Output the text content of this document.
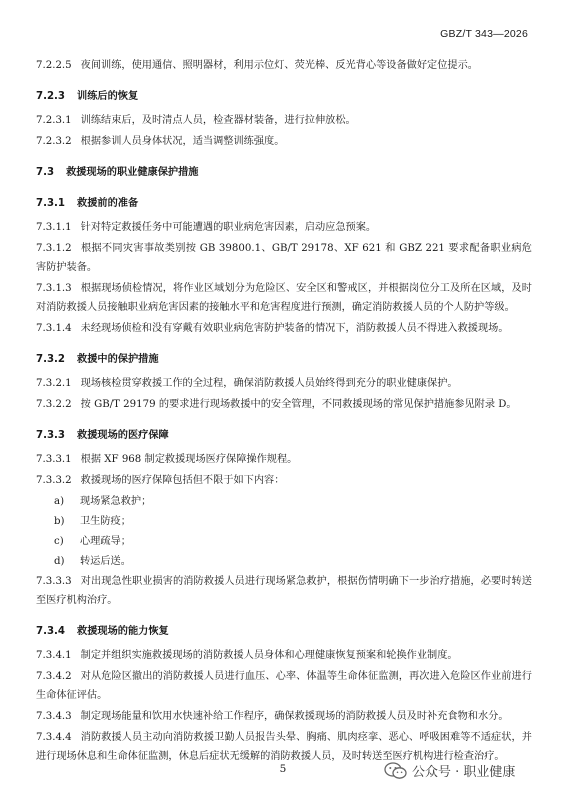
GBZ/T 343—2026
7.2.2.5 夜间训练，使用通信、照明器材，利用示位灯、荧光棒、反光背心等设备做好定位提示。
7.2.3 训练后的恢复
7.2.3.1 训练结束后，及时清点人员，检查器材装备，进行拉伸放松。
7.2.3.2 根据参训人员身体状况，适当调整训练强度。
7.3 救援现场的职业健康保护措施
7.3.1 救援前的准备
7.3.1.1 针对特定救援任务中可能遭遇的职业病危害因素，启动应急预案。
7.3.1.2 根据不同灾害事故类别按 GB 39800.1、GB/T 29178、XF 621 和 GBZ 221 要求配备职业病危害防护装备。
7.3.1.3 根据现场侦检情况，将作业区域划分为危险区、安全区和警戒区，并根据岗位分工及所在区域，及时对消防救援人员接触职业病危害因素的接触水平和危害程度进行预测，确定消防救援人员的个人防护等级。
7.3.1.4 未经现场侦检和没有穿戴有效职业病危害防护装备的情况下，消防救援人员不得进入救援现场。
7.3.2 救援中的保护措施
7.3.2.1 现场核检贯穿救援工作的全过程，确保消防救援人员始终得到充分的职业健康保护。
7.3.2.2 按 GB/T 29179 的要求进行现场救援中的安全管理，不同救援现场的常见保护措施参见附录 D。
7.3.3 救援现场的医疗保障
7.3.3.1 根据 XF 968 制定救援现场医疗保障操作规程。
7.3.3.2 救援现场的医疗保障包括但不限于如下内容：
a) 现场紧急救护；
b) 卫生防疫；
c) 心理疏导；
d) 转运后送。
7.3.3.3 对出现急性职业损害的消防救援人员进行现场紧急救护，根据伤情明确下一步治疗措施，必要时转送至医疗机构治疗。
7.3.4 救援现场的能力恢复
7.3.4.1 制定并组织实施救援现场的消防救援人员身体和心理健康恢复预案和轮换作业制度。
7.3.4.2 对从危险区撤出的消防救援人员进行血压、心率、体温等生命体征监测，再次进入危险区作业前进行生命体征评估。
7.3.4.3 制定现场能量和饮用水快速补给工作程序，确保救援现场的消防救援人员及时补充食物和水分。
7.3.4.4 消防救援人员主动向消防救援卫勤人员报告头晕、胸痛、肌肉痉挛、恶心、呼吸困难等不适症状，并进行现场休息和生命体征监测，休息后症状无缓解的消防救援人员，及时转送至医疗机构进行检查治疗。
5	公众号 · 职业健康
